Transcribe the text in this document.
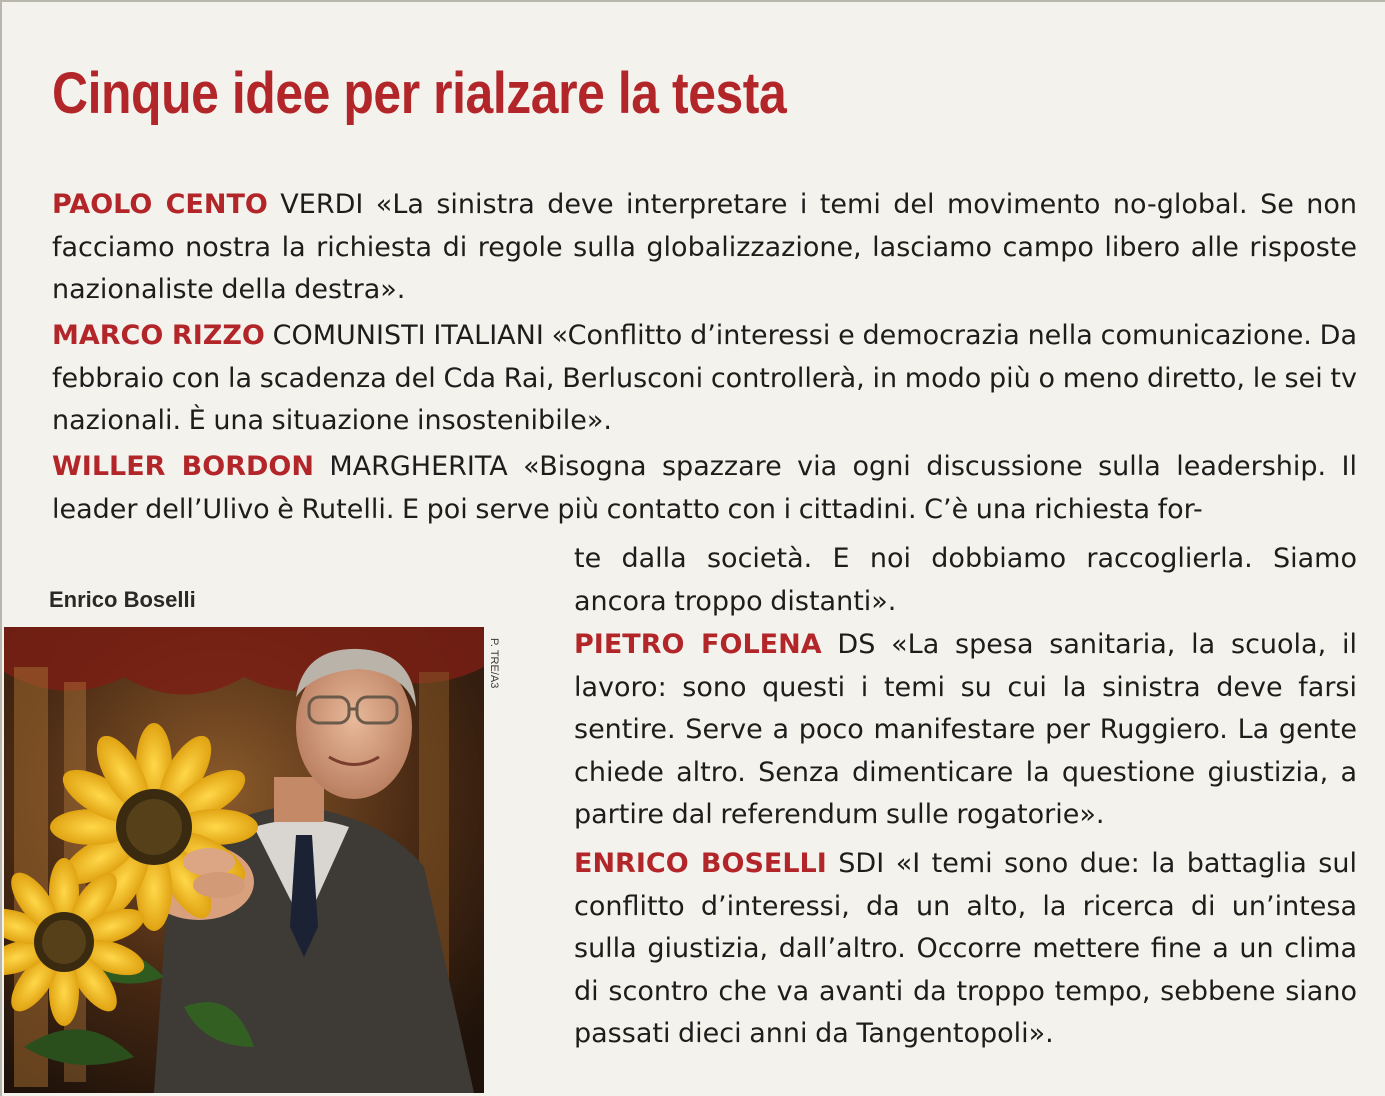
Cinque idee per rialzare la testa

PAOLO CENTO VERDI «La sinistra deve interpretare i temi del movimento no-global. Se non facciamo nostra la richiesta di regole sulla globalizzazione, lasciamo campo libero alle risposte nazionaliste della destra».

MARCO RIZZO COMUNISTI ITALIANI «Conflitto d’interessi e democrazia nella comunicazione. Da febbraio con la scadenza del Cda Rai, Berlusconi controllerà, in modo più o meno diretto, le sei tv nazionali. È una situazione insostenibile».

WILLER BORDON MARGHERITA «Bisogna spazzare via ogni discussione sulla leadership. Il leader dell’Ulivo è Rutelli. E poi serve più contatto con i cittadini. C’è una richiesta for-

te dalla società. E noi dobbiamo raccoglierla. Siamo ancora troppo distanti».

PIETRO FOLENA DS «La spesa sanitaria, la scuola, il lavoro: sono questi i temi su cui la sinistra deve farsi sentire. Serve a poco manifestare per Ruggiero. La gente chiede altro. Senza dimenticare la questione giustizia, a partire dal referendum sulle rogatorie».

ENRICO BOSELLI SDI «I temi sono due: la battaglia sul conflitto d’interessi, da un alto, la ricerca di un’intesa sulla giustizia, dall’altro. Occorre mettere fine a un clima di scontro che va avanti da troppo tempo, sebbene siano passati dieci anni da Tangentopoli».

Enrico Boselli
P. TRE/A3
